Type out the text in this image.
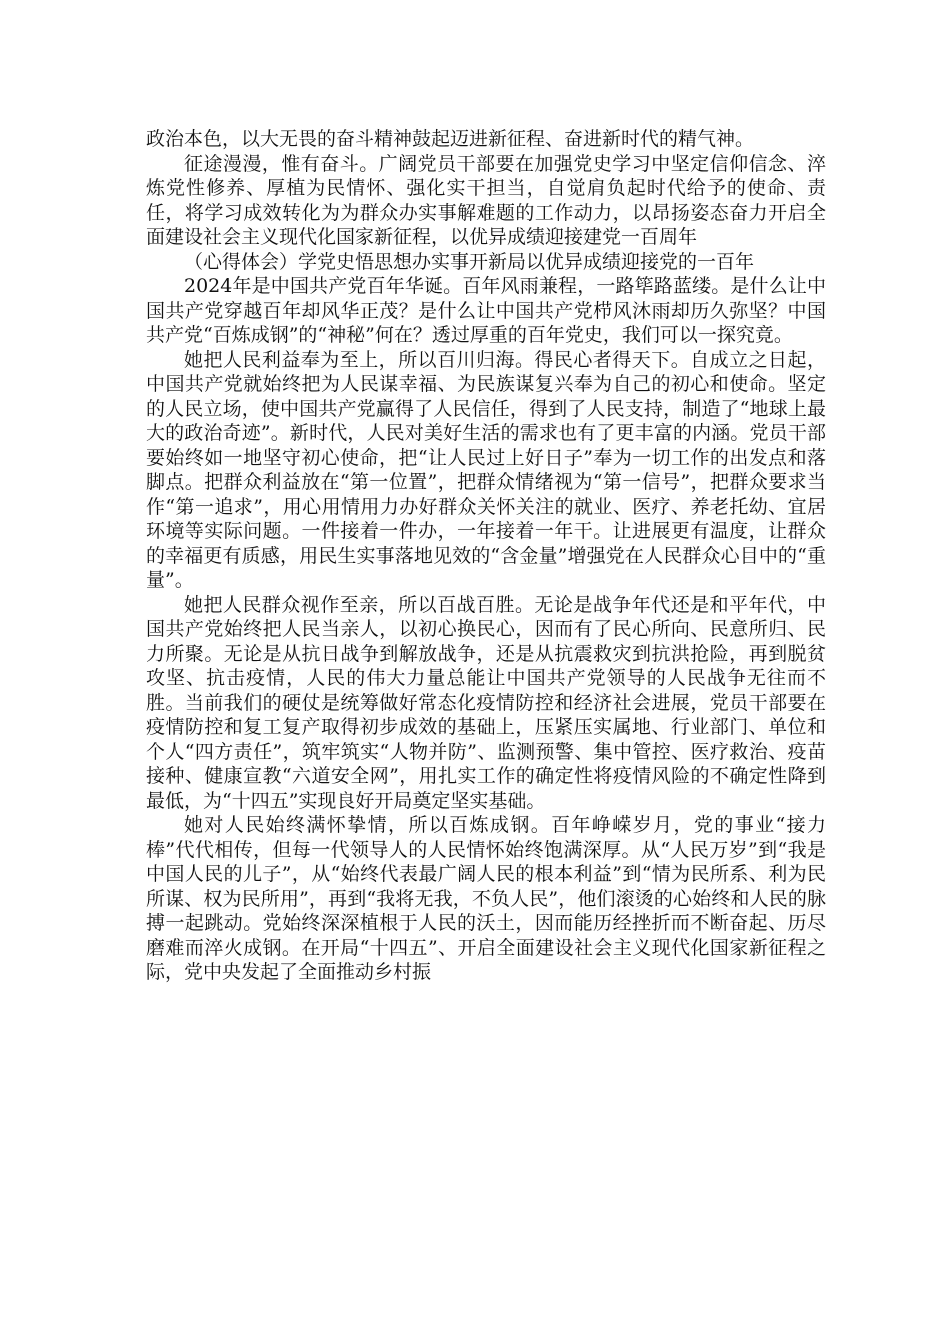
政治本色，以大无畏的奋斗精神鼓起迈进新征程、奋进新时代的精气神。

征途漫漫，惟有奋斗。广阔党员干部要在加强党史学习中坚定信仰信念、淬炼党性修养、厚植为民情怀、强化实干担当，自觉肩负起时代给予的使命、责任，将学习成效转化为为群众办实事解难题的工作动力，以昂扬姿态奋力开启全面建设社会主义现代化国家新征程，以优异成绩迎接建党一百周年

（心得体会）学党史悟思想办实事开新局以优异成绩迎接党的一百年

2024年是中国共产党百年华诞。百年风雨兼程，一路筚路蓝缕。是什么让中国共产党穿越百年却风华正茂？是什么让中国共产党栉风沐雨却历久弥坚？中国共产党“百炼成钢”的“神秘”何在？透过厚重的百年党史，我们可以一探究竟。

她把人民利益奉为至上，所以百川归海。得民心者得天下。自成立之日起，中国共产党就始终把为人民谋幸福、为民族谋复兴奉为自己的初心和使命。坚定的人民立场，使中国共产党赢得了人民信任，得到了人民支持，制造了“地球上最大的政治奇迹”。新时代，人民对美好生活的需求也有了更丰富的内涵。党员干部要始终如一地坚守初心使命，把“让人民过上好日子”奉为一切工作的出发点和落脚点。把群众利益放在“第一位置”，把群众情绪视为“第一信号”，把群众要求当作“第一追求”，用心用情用力办好群众关怀关注的就业、医疗、养老托幼、宜居环境等实际问题。一件接着一件办，一年接着一年干。让进展更有温度，让群众的幸福更有质感，用民生实事落地见效的“含金量”增强党在人民群众心目中的“重量”。

她把人民群众视作至亲，所以百战百胜。无论是战争年代还是和平年代，中国共产党始终把人民当亲人，以初心换民心，因而有了民心所向、民意所归、民力所聚。无论是从抗日战争到解放战争，还是从抗震救灾到抗洪抢险，再到脱贫攻坚、抗击疫情，人民的伟大力量总能让中国共产党领导的人民战争无往而不胜。当前我们的硬仗是统筹做好常态化疫情防控和经济社会进展，党员干部要在疫情防控和复工复产取得初步成效的基础上，压紧压实属地、行业部门、单位和个人“四方责任”，筑牢筑实“人物并防”、监测预警、集中管控、医疗救治、疫苗接种、健康宣教“六道安全网”，用扎实工作的确定性将疫情风险的不确定性降到最低，为“十四五”实现良好开局奠定坚实基础。

她对人民始终满怀挚情，所以百炼成钢。百年峥嵘岁月，党的事业“接力棒”代代相传，但每一代领导人的人民情怀始终饱满深厚。从“人民万岁”到“我是中国人民的儿子”，从“始终代表最广阔人民的根本利益”到“情为民所系、利为民所谋、权为民所用”，再到“我将无我，不负人民”，他们滚烫的心始终和人民的脉搏一起跳动。党始终深深植根于人民的沃土，因而能历经挫折而不断奋起、历尽磨难而淬火成钢。在开局“十四五”、开启全面建设社会主义现代化国家新征程之际，党中央发起了全面推动乡村振
